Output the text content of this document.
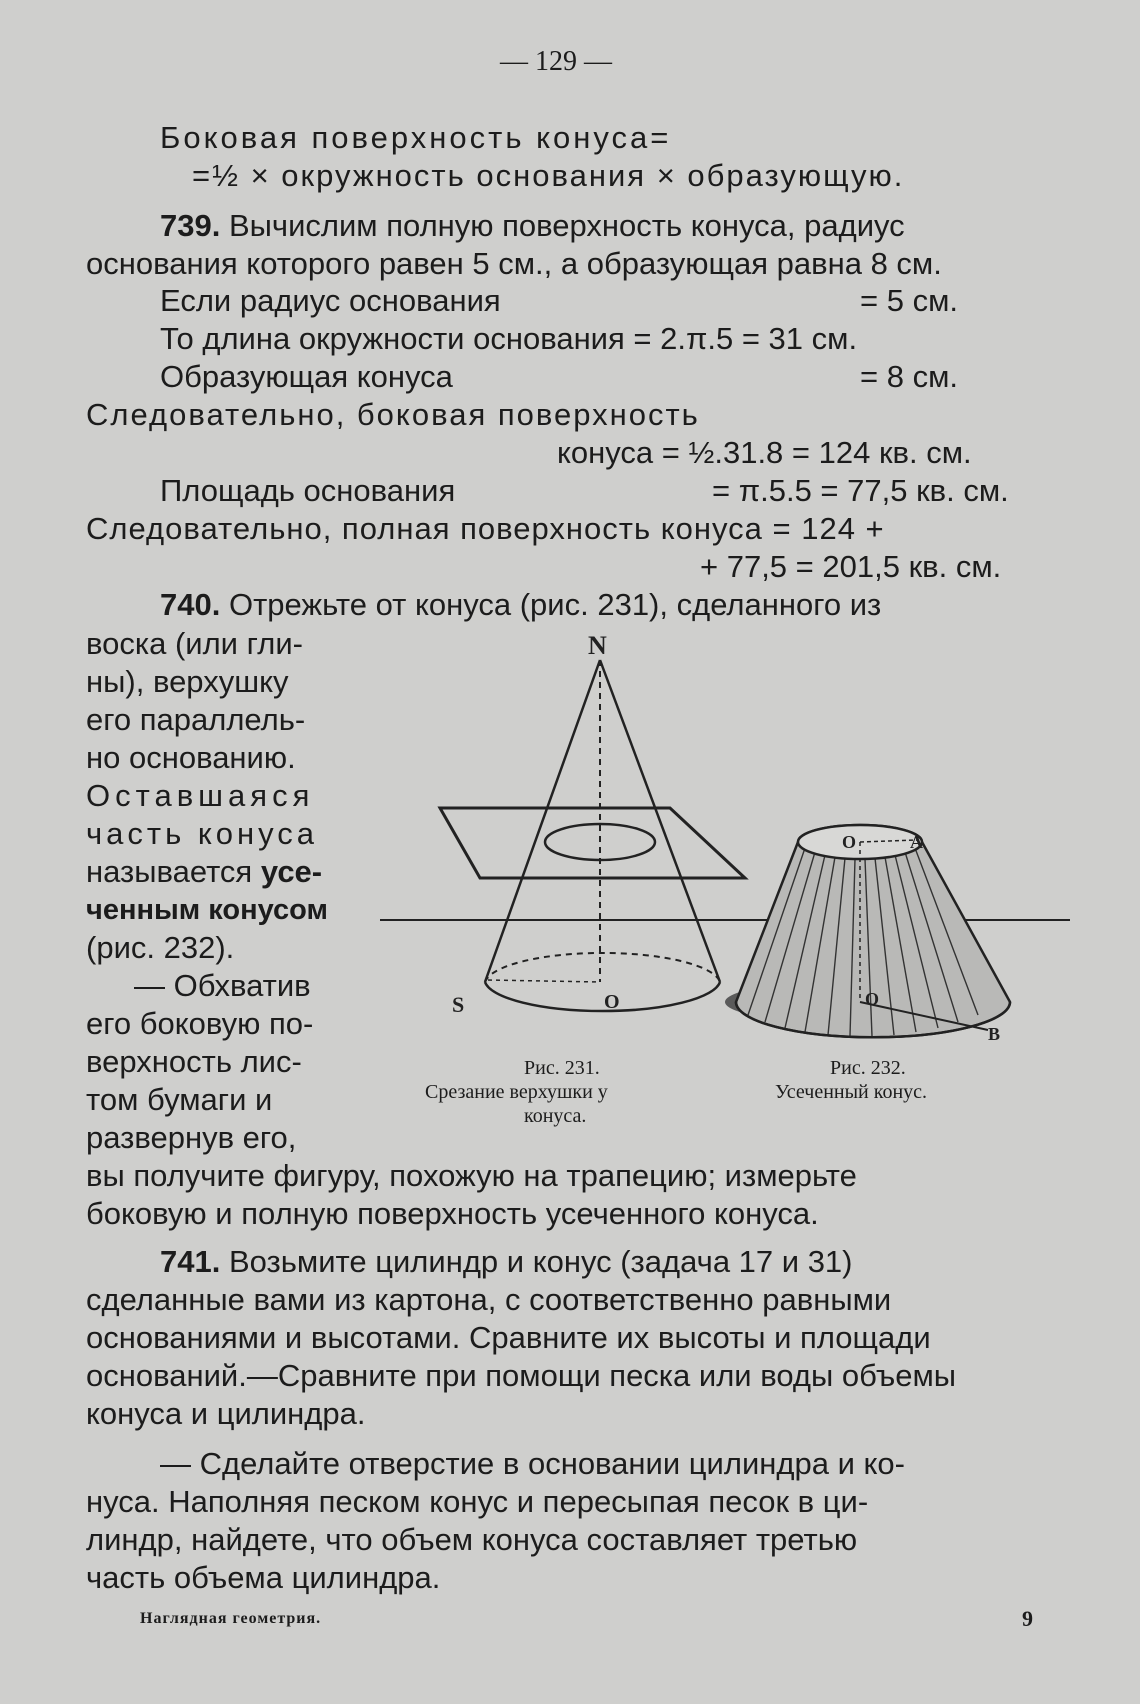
— 129 —
Боковая поверхность конуса=
=½ × окружность основания × образующую.
739. Вычислим полную поверхность конуса, радиус
основания которого равен 5 см., а образующая равна 8 см.
Если радиус основания	= 5 см.
То длина окружности основания = 2.π.5 = 31 см.
Образующая конуса	= 8 см.
Следовательно, боковая поверхность
конуса = ½.31.8 = 124 кв. см.
Площадь основания	= π.5.5 = 77,5 кв. см.
Следовательно, полная поверхность конуса = 124 +
+ 77,5 = 201,5 кв. см.
740. Отрежьте от конуса (рис. 231), сделанного из
воска (или гли-
ны), верхушку
его параллель-
но основанию.
Оставшаяся
часть конуса
называется усе-
ченным конусом
(рис. 232).
— Обхватив
его боковую по-
верхность лис-
том бумаги и
развернув его,
N
S	O
O	A
O
B
Рис. 231.
Срезание верхушки у
конуса.
Рис. 232.
Усеченный конус.
вы получите фигуру, похожую на трапецию; измерьте
боковую и полную поверхность усеченного конуса.
741. Возьмите цилиндр и конус (задача 17 и 31)
сделанные вами из картона, с соответственно равными
основаниями и высотами. Сравните их высоты и площади
оснований.—Сравните при помощи песка или воды объемы
конуса и цилиндра.
— Сделайте отверстие в основании цилиндра и ко-
нуса. Наполняя песком конус и пересыпая песок в ци-
линдр, найдете, что объем конуса составляет третью
часть объема цилиндра.
Наглядная геометрия.	9
